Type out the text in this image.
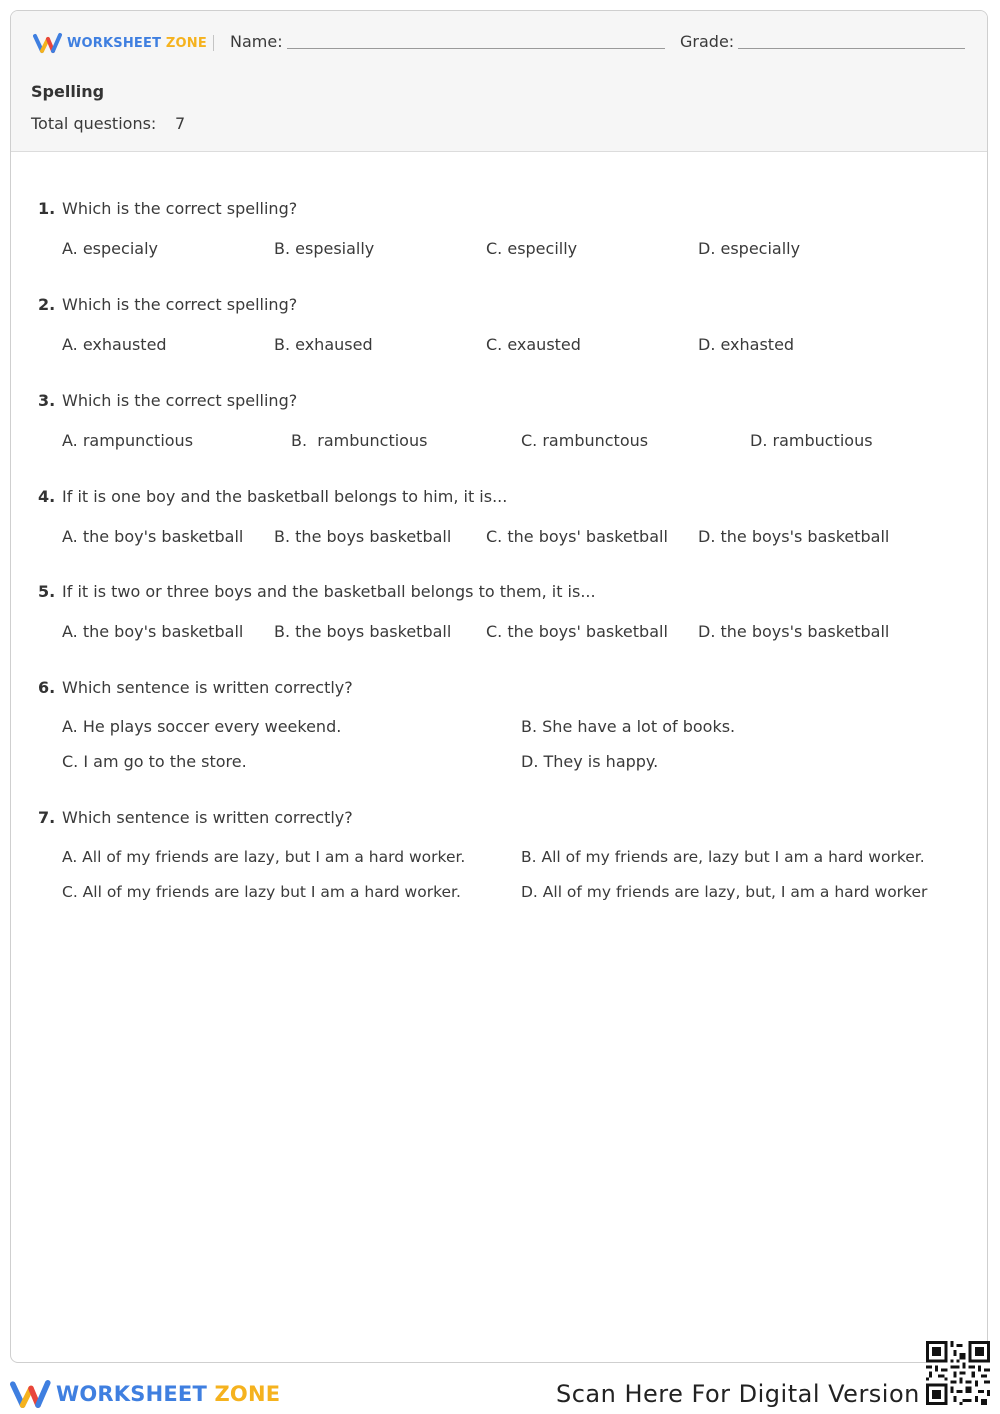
WORKSHEET ZONE Name:	Grade:
Spelling
Total questions: 7
1. Which is the correct spelling?
A. especialy	B. espesially	C. especilly	D. especially
2. Which is the correct spelling?
A. exhausted	B. exhaused	C. exausted	D. exhasted
3. Which is the correct spelling?
A. rampunctious	B.  rambunctious	C. rambunctous	D. rambuctious
4. If it is one boy and the basketball belongs to him, it is...
A. the boy's basketball B. the boys basketball C. the boys' basketball D. the boys's basketball
5. If it is two or three boys and the basketball belongs to them, it is...
A. the boy's basketball B. the boys basketball C. the boys' basketball D. the boys's basketball
6. Which sentence is written correctly?
A. He plays soccer every weekend.	B. She have a lot of books.
C. I am go to the store.	D. They is happy.
7. Which sentence is written correctly?
A. All of my friends are lazy, but I am a hard worker.	B. All of my friends are, lazy but I am a hard worker.
C. All of my friends are lazy but I am a hard worker.	D. All of my friends are lazy, but, I am a hard worker
WORKSHEET ZONE	Scan Here For Digital Version
